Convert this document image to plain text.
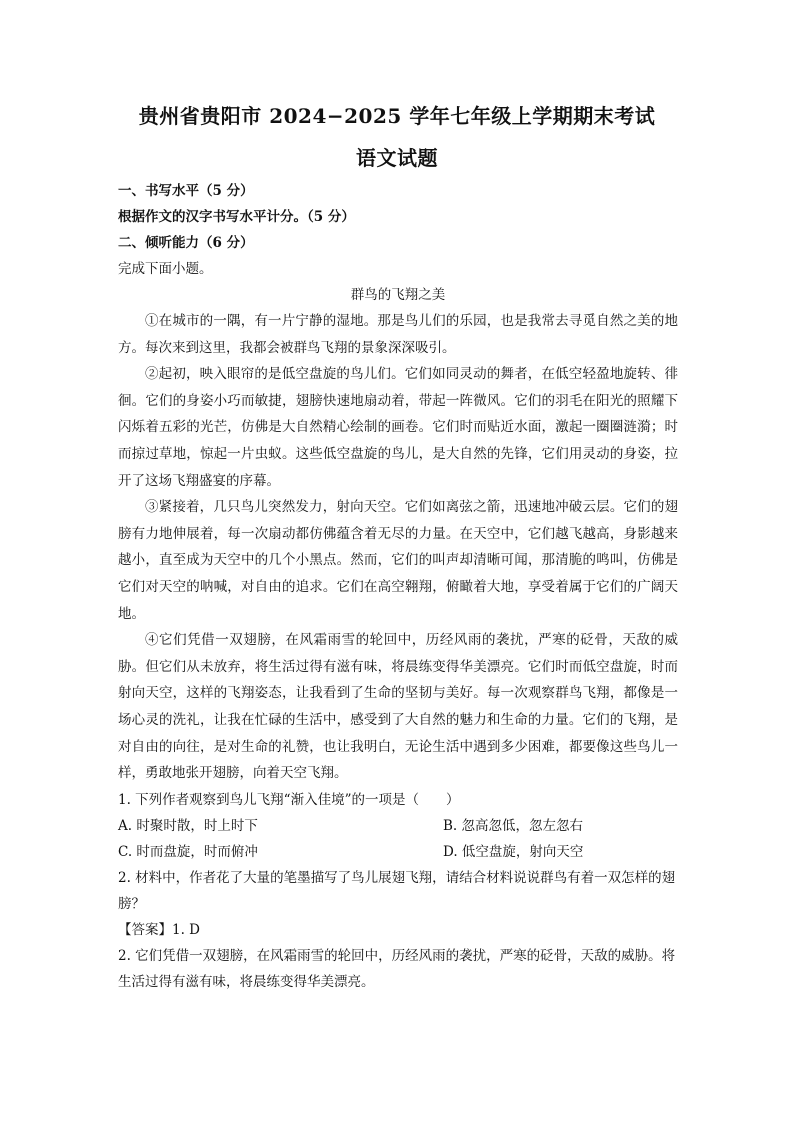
贵州省贵阳市 2024−2025 学年七年级上学期期末考试
语文试题
一、书写水平（5 分）
根据作文的汉字书写水平计分。（5 分）
二、倾听能力（6 分）
完成下面小题。
群鸟的飞翔之美

①在城市的一隅，有一片宁静的湿地。那是鸟儿们的乐园，也是我常去寻觅自然之美的地方。每次来到这里，我都会被群鸟飞翔的景象深深吸引。

②起初，映入眼帘的是低空盘旋的鸟儿们。它们如同灵动的舞者，在低空轻盈地旋转、徘徊。它们的身姿小巧而敏捷，翅膀快速地扇动着，带起一阵微风。它们的羽毛在阳光的照耀下闪烁着五彩的光芒，仿佛是大自然精心绘制的画卷。它们时而贴近水面，激起一圈圈涟漪；时而掠过草地，惊起一片虫蚁。这些低空盘旋的鸟儿，是大自然的先锋，它们用灵动的身姿，拉开了这场飞翔盛宴的序幕。

③紧接着，几只鸟儿突然发力，射向天空。它们如离弦之箭，迅速地冲破云层。它们的翅膀有力地伸展着，每一次扇动都仿佛蕴含着无尽的力量。在天空中，它们越飞越高，身影越来越小，直至成为天空中的几个小黑点。然而，它们的叫声却清晰可闻，那清脆的鸣叫，仿佛是它们对天空的呐喊，对自由的追求。它们在高空翱翔，俯瞰着大地，享受着属于它们的广阔天地。

④它们凭借一双翅膀，在风霜雨雪的轮回中，历经风雨的袭扰，严寒的砭骨，天敌的威胁。但它们从未放弃，将生活过得有滋有味，将晨练变得华美漂亮。它们时而低空盘旋，时而射向天空，这样的飞翔姿态，让我看到了生命的坚韧与美好。每一次观察群鸟飞翔，都像是一场心灵的洗礼，让我在忙碌的生活中，感受到了大自然的魅力和生命的力量。它们的飞翔，是对自由的向往，是对生命的礼赞，也让我明白，无论生活中遇到多少困难，都要像这些鸟儿一样，勇敢地张开翅膀，向着天空飞翔。

1. 下列作者观察到鸟儿飞翔“渐入佳境”的一项是（　　）
A. 时聚时散，时上时下	B. 忽高忽低，忽左忽右
C. 时而盘旋，时而俯冲	D. 低空盘旋，射向天空
2. 材料中，作者花了大量的笔墨描写了鸟儿展翅飞翔，请结合材料说说群鸟有着一双怎样的翅膀？
【答案】1. D
2. 它们凭借一双翅膀，在风霜雨雪的轮回中，历经风雨的袭扰，严寒的砭骨，天敌的威胁。将生活过得有滋有味，将晨练变得华美漂亮。
